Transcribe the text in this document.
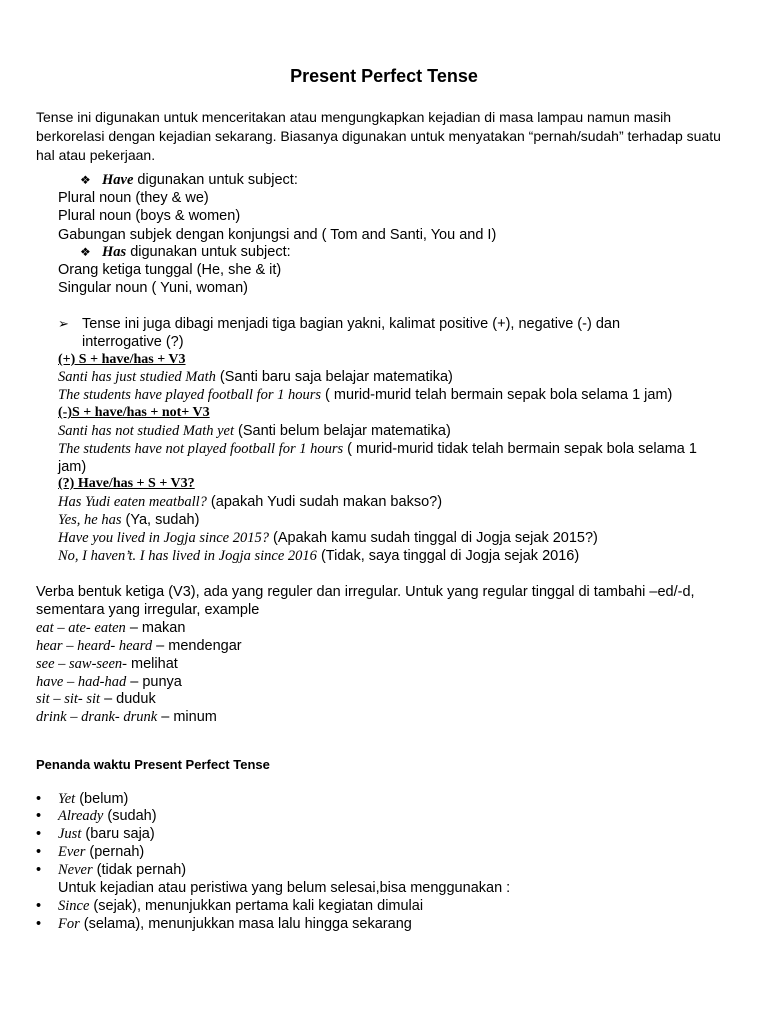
Present Perfect Tense
Tense ini digunakan untuk menceritakan atau mengungkapkan kejadian di masa lampau namun masih berkorelasi dengan kejadian sekarang. Biasanya digunakan untuk menyatakan “pernah/sudah” terhadap suatu hal atau pekerjaan.
❖ Have digunakan untuk subject:
Plural noun (they & we)
Plural noun (boys & women)
Gabungan subjek dengan konjungsi and ( Tom and Santi, You and I)
❖ Has digunakan untuk subject:
Orang ketiga tunggal (He, she & it)
Singular noun ( Yuni, woman)
➢ Tense ini juga dibagi menjadi tiga bagian yakni, kalimat positive (+), negative (-) dan
interrogative (?)
(+) S + have/has + V3
Santi has just studied Math (Santi baru saja belajar matematika)
The students have played football for 1 hours ( murid-murid telah bermain sepak bola selama 1 jam)
(-)S + have/has + not+ V3
Santi has not studied Math yet (Santi belum belajar matematika)
The students have not played football for 1 hours ( murid-murid tidak telah bermain sepak bola selama 1
jam)
(?) Have/has + S + V3?
Has Yudi eaten meatball? (apakah Yudi sudah makan bakso?)
Yes, he has (Ya, sudah)
Have you lived in Jogja since 2015? (Apakah kamu sudah tinggal di Jogja sejak 2015?)
No, I haven’t. I has lived in Jogja since 2016 (Tidak, saya tinggal di Jogja sejak 2016)
Verba bentuk ketiga (V3), ada yang reguler dan irregular. Untuk yang regular tinggal di tambahi –ed/-d,
sementara yang irregular, example
eat – ate- eaten – makan
hear – heard- heard – mendengar
see – saw-seen- melihat
have – had-had – punya
sit – sit- sit – duduk
drink – drank- drunk – minum
Penanda waktu Present Perfect Tense
• Yet (belum)
• Already (sudah)
• Just (baru saja)
• Ever (pernah)
• Never (tidak pernah)
Untuk kejadian atau peristiwa yang belum selesai,bisa menggunakan :
• Since (sejak), menunjukkan pertama kali kegiatan dimulai
• For (selama), menunjukkan masa lalu hingga sekarang
